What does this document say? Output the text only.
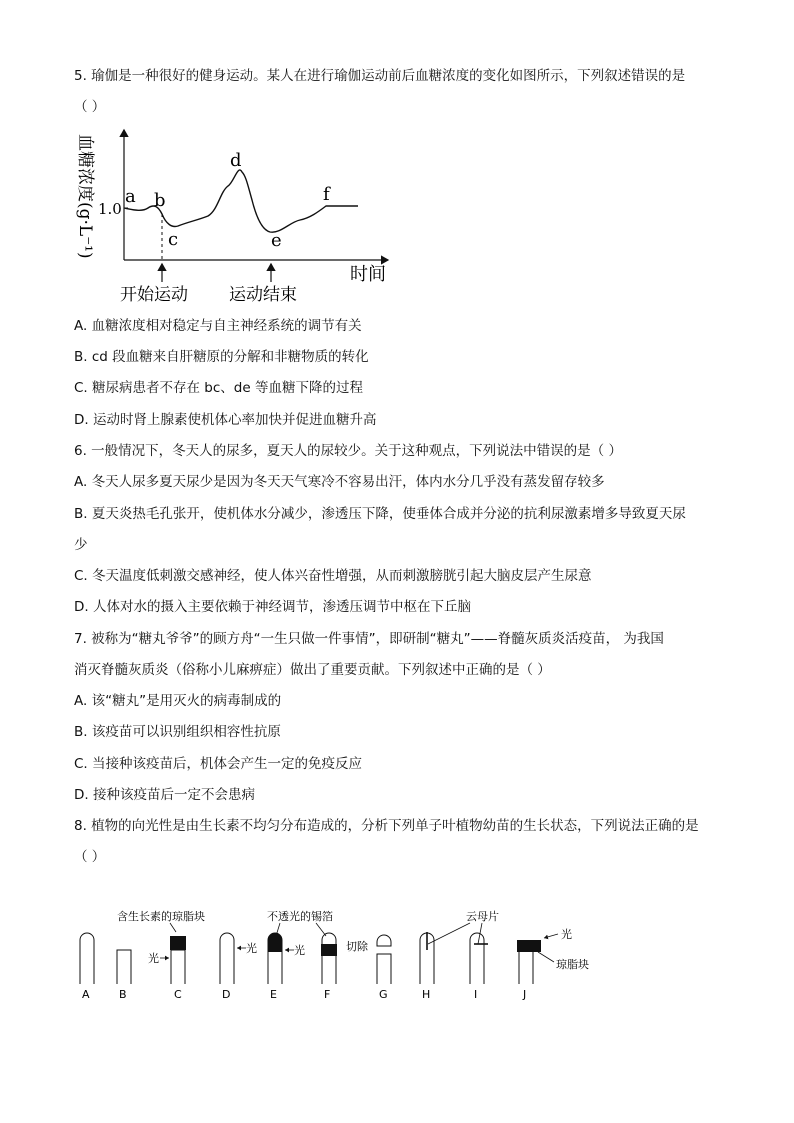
5. 瑜伽是一种很好的健身运动。某人在进行瑜伽运动前后血糖浓度的变化如图所示，下列叙述错误的是
（ ）
血糖浓度(g·L⁻¹) 1.0
a b
c
d
e
f
时间
开始运动 运动结束
A. 血糖浓度相对稳定与自主神经系统的调节有关
B. cd 段血糖来自肝糖原的分解和非糖物质的转化
C. 糖尿病患者不存在 bc、de 等血糖下降的过程
D. 运动时肾上腺素使机体心率加快并促进血糖升高
6. 一般情况下，冬天人的尿多，夏天人的尿较少。关于这种观点，下列说法中错误的是（ ）
A. 冬天人尿多夏天尿少是因为冬天天气寒冷不容易出汗，体内水分几乎没有蒸发留存较多
B. 夏天炎热毛孔张开，使机体水分减少，渗透压下降，使垂体合成并分泌的抗利尿激素增多导致夏天尿
少
C. 冬天温度低刺激交感神经，使人体兴奋性增强，从而刺激膀胱引起大脑皮层产生尿意
D. 人体对水的摄入主要依赖于神经调节，渗透压调节中枢在下丘脑
7. 被称为“糖丸爷爷”的顾方舟“一生只做一件事情”，即研制“糖丸”——脊髓灰质炎活疫苗， 为我国
消灭脊髓灰质炎（俗称小儿麻痹症）做出了重要贡献。下列叙述中正确的是（ ）
A. 该“糖丸”是用灭火的病毒制成的
B. 该疫苗可以识别组织相容性抗原
C. 当接种该疫苗后，机体会产生一定的免疫反应
D. 接种该疫苗后一定不会患病
8. 植物的向光性是由生长素不均匀分布造成的，分析下列单子叶植物幼苗的生长状态，下列说法正确的是
（ ）
含生长素的琼脂块	不透光的锡箔	云母片
光
光	光	切除
光
琼脂块
A	B	C	D	E	F	G	H	I	J
